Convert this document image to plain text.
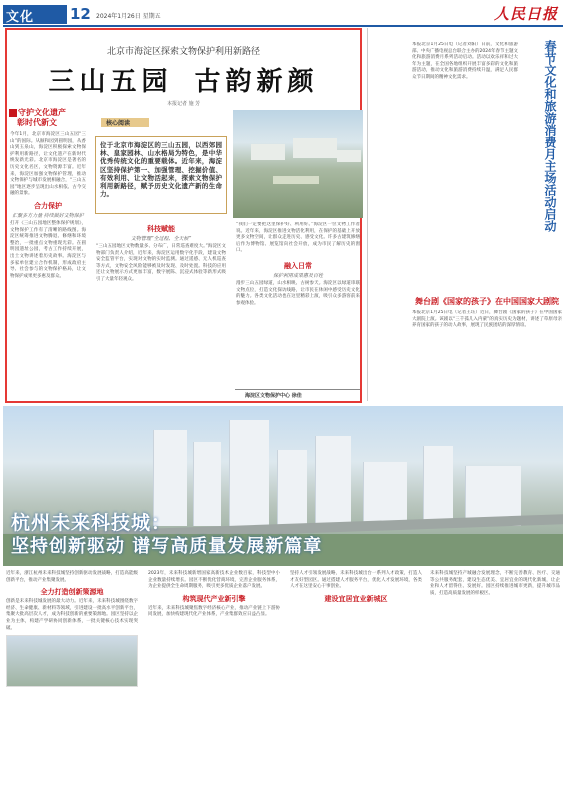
文化 12 2024年1月26日 星期五	人民日报
北京市海淀区探索文物保护利用新路径
三山五园 古韵新颜
本报记者 施 芳
守护文化遗产
彰时代新文

今年1月，北京市海淀区三山五园“三山”的国际。从颐和园到圆明园，从香山到玉泉山，海淀区积极探索文物保护利用新路径，让文化遗产在新时代焕发新光彩。北京市海淀区是著名的历史文化名区，文物资源丰富。近年来，海淀区加强文物保护管理，推动文物保护与城市发展相融合，“三山五园”地区逐步呈现出山水相依、古今交融的景象。

合力保护
汇聚多方力量 持续做好文物保护

打开《三山五园地区整体保护规划》，文物保护工作有了清晰的路线图。海淀区统筹推进文物腾退、修缮和环境整治，一批重点文物重现光彩。在圆明园遗址公园，考古工作持续开展，出土文物讲述着历史故事。海淀区与多家单位建立合作机制，形成政府主导、社会参与的文物保护格局，让文物保护成果更多惠及群众。

核心阅读

位于北京市海淀区的三山五园，以西郊园林、皇家园林、山水格局为特色，是中华优秀传统文化的重要载体。近年来，海淀区坚持保护第一、加强管理、挖掘价值、有效利用、让文物活起来，探索文物保护利用新路径，赋予历史文化遗产新的生命力。

科技赋能
文物管理“全过程、全天候”

“三山五园地区文物数量多、分布广，日常巡查难度大。”海淀区文物部门负责人介绍，近年来，海淀区运用数字化手段，建设文物安全监管平台，实现对文物的实时监测。通过遥感、无人机巡查等方式，文物安全风险能够被及时发现、及时处置。科技的应用还让文物展示方式更加丰富，数字展陈、沉浸式体验等新形式吸引了大量年轻观众。

“我们一定要把这里保护好、利用好。”海淀区一位文物工作者说。近年来，海淀区推进文物活化利用，在保护的基础上开放更多文物空间，让群众走进历史、感受文化。许多古建筑修缮后作为博物馆、展览馆向社会开放，成为市民了解历史的窗口。

融入日常
保护利用成果惠及百姓

漫步三山五园绿道，山水相映、古树参天。海淀区以绿道串联文物点位，打造文化探访线路，让市民在休闲中感受历史文化的魅力。各类文化活动也在这里精彩上演，吸引众多游客前来参观体验。

海淀区文物保护中心 徐佳

本报北京1月25日电（记者刘阳）日前，文化和旅游部、中央广播电视总台联合主办的2024年春节主题文化和旅游消费月系列活动启动。活动以欢乐祥和过大年为主题，在全国各地组织开展丰富多彩的文化和旅游活动，推动文化和旅游消费持续升温，满足人民群众节日期间的精神文化需求。	春节文化和旅游消费月主场活动启动
舞台剧《国家的孩子》在中国国家大剧院

本报北京1月25日电（记者王珏）近日，舞台剧《国家的孩子》在中国国家大剧院上演。该剧以“三千孤儿入内蒙”的真实历史为题材，讲述了草原母亲养育国家的孩子的动人故事，展现了民族团结的深厚情谊。

杭州未来科技城：
坚持创新驱动 谱写高质量发展新篇章

近年来，浙江杭州未来科技城坚持创新驱动发展战略，打造高能级创新平台，推动产业集聚发展。

全力打造创新策源地

创新是未来科技城发展的最大动力。近年来，未来科技城围绕数字经济、生命健康、新材料等领域，引进建设一批高水平创新平台，集聚大批高层次人才，成为科技创新的重要策源地。园区坚持以企业为主体，构建产学研协同创新体系，一批关键核心技术实现突破。

2023年，未来科技城新增国家高新技术企业数百家，科技型中小企业数量持续增长。园区不断优化营商环境，完善企业服务体系，为企业提供全生命周期服务，吸引更多优质企业落户发展。

构筑现代产业新引擎

近年来，未来科技城聚焦数字经济核心产业，推动产业链上下游协同发展，加快构建现代化产业体系，产业集群效应日益凸显。

坚持人才引领发展战略，未来科技城出台一系列人才政策，打造人才友好型园区。通过搭建人才服务平台，优化人才发展环境，各类人才在这里安心干事创业。

建设宜居宜业新城区

未来科技城坚持产城融合发展理念，不断完善教育、医疗、交通等公共服务配套，建设生态优美、宜居宜业的现代化新城，让企业和人才留得住、发展好。园区持续推进城市更新，提升城市品质，打造高质量发展的样板区。
